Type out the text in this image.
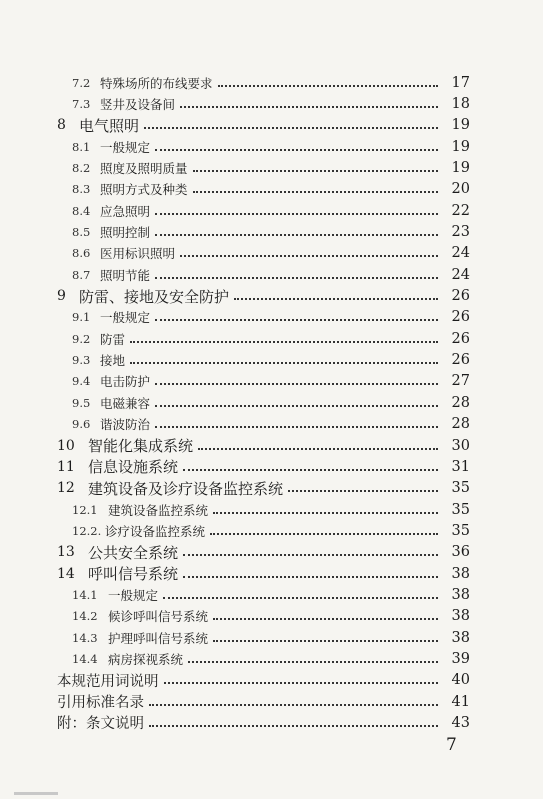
7.2 特殊场所的布线要求	17
7.3 竖井及设备间	18
8 电气照明	19
8.1 一般规定	19
8.2 照度及照明质量	19
8.3 照明方式及种类	20
8.4 应急照明	22
8.5 照明控制	23
8.6 医用标识照明	24
8.7 照明节能	24
9 防雷、接地及安全防护	26
9.1 一般规定	26
9.2 防雷	26
9.3 接地	26
9.4 电击防护	27
9.5 电磁兼容	28
9.6 谐波防治	28
10 智能化集成系统	30
11 信息设施系统	31
12 建筑设备及诊疗设备监控系统	35
12.1 建筑设备监控系统	35
12.2. 诊疗设备监控系统	35
13 公共安全系统	36
14 呼叫信号系统	38
14.1 一般规定	38
14.2 候诊呼叫信号系统	38
14.3 护理呼叫信号系统	38
14.4 病房探视系统	39
本规范用词说明	40
引用标准名录	41
附：条文说明	43
7
